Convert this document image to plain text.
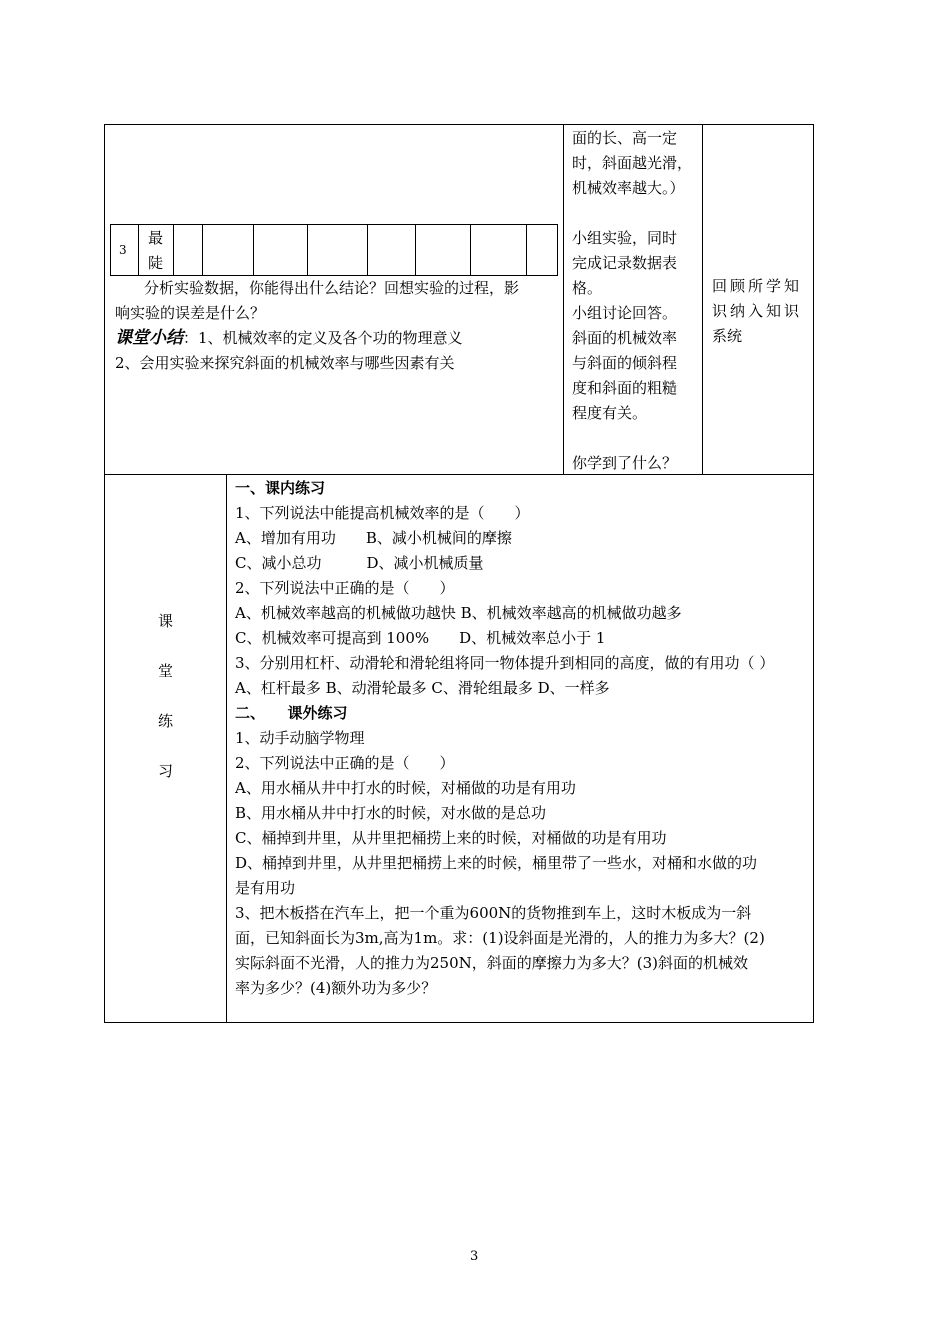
3
最
陡
分析实验数据，你能得出什么结论？回想实验的过程，影
响实验的误差是什么？
课堂小结：1、机械效率的定义及各个功的物理意义
2、会用实验来探究斜面的机械效率与哪些因素有关
面的长、高一定
时，斜面越光滑，
机械效率越大。）
小组实验，同时
完成记录数据表
格。
小组讨论回答。
斜面的机械效率
与斜面的倾斜程
度和斜面的粗糙
程度有关。
你学到了什么？
回顾所学知
识纳入知识
系统
课
堂
练
习
一、课内练习
1、下列说法中能提高机械效率的是（　　）
A、增加有用功　　B、减小机械间的摩擦
C、减小总功　　　D、减小机械质量
2、下列说法中正确的是（　　）
A、机械效率越高的机械做功越快 B、机械效率越高的机械做功越多
C、机械效率可提高到 100%　　D、机械效率总小于 1
3、分别用杠杆、动滑轮和滑轮组将同一物体提升到相同的高度，做的有用功（ ）
A、杠杆最多 B、动滑轮最多 C、滑轮组最多 D、一样多
二、　　课外练习
1、动手动脑学物理
2、下列说法中正确的是（　　）
A、用水桶从井中打水的时候，对桶做的功是有用功
B、用水桶从井中打水的时候，对水做的是总功
C、桶掉到井里，从井里把桶捞上来的时候，对桶做的功是有用功
D、桶掉到井里，从井里把桶捞上来的时候，桶里带了一些水，对桶和水做的功
是有用功
3、把木板搭在汽车上，把一个重为600N的货物推到车上，这时木板成为一斜
面，已知斜面长为3m,高为1m。求：(1)设斜面是光滑的，人的推力为多大？(2)
实际斜面不光滑，人的推力为250N，斜面的摩擦力为多大？(3)斜面的机械效
率为多少？(4)额外功为多少？
3
